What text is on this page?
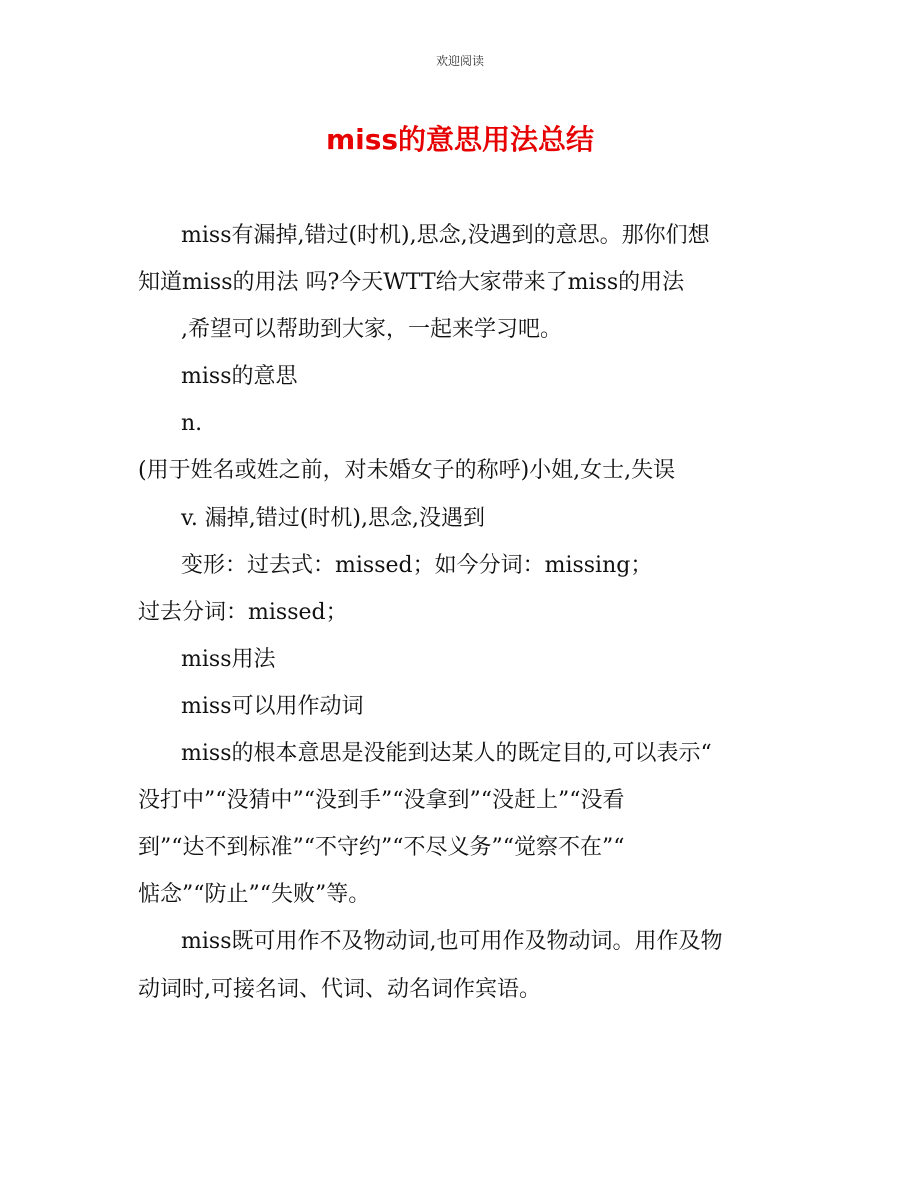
欢迎阅读
miss的意思用法总结
miss有漏掉,错过(时机),思念,没遇到的意思。那你们想
知道miss的用法 吗?今天WTT给大家带来了miss的用法
,希望可以帮助到大家，一起来学习吧。
miss的意思
n.
(用于姓名或姓之前，对未婚女子的称呼)小姐,女士,失误
v. 漏掉,错过(时机),思念,没遇到
变形：过去式：missed；如今分词：missing；
过去分词：missed；
miss用法
miss可以用作动词
miss的根本意思是没能到达某人的既定目的,可以表示“
没打中”“没猜中”“没到手”“没拿到”“没赶上”“没看
到”“达不到标准”“不守约”“不尽义务”“觉察不在”“
惦念”“防止”“失败”等。
miss既可用作不及物动词,也可用作及物动词。用作及物
动词时,可接名词、代词、动名词作宾语。
